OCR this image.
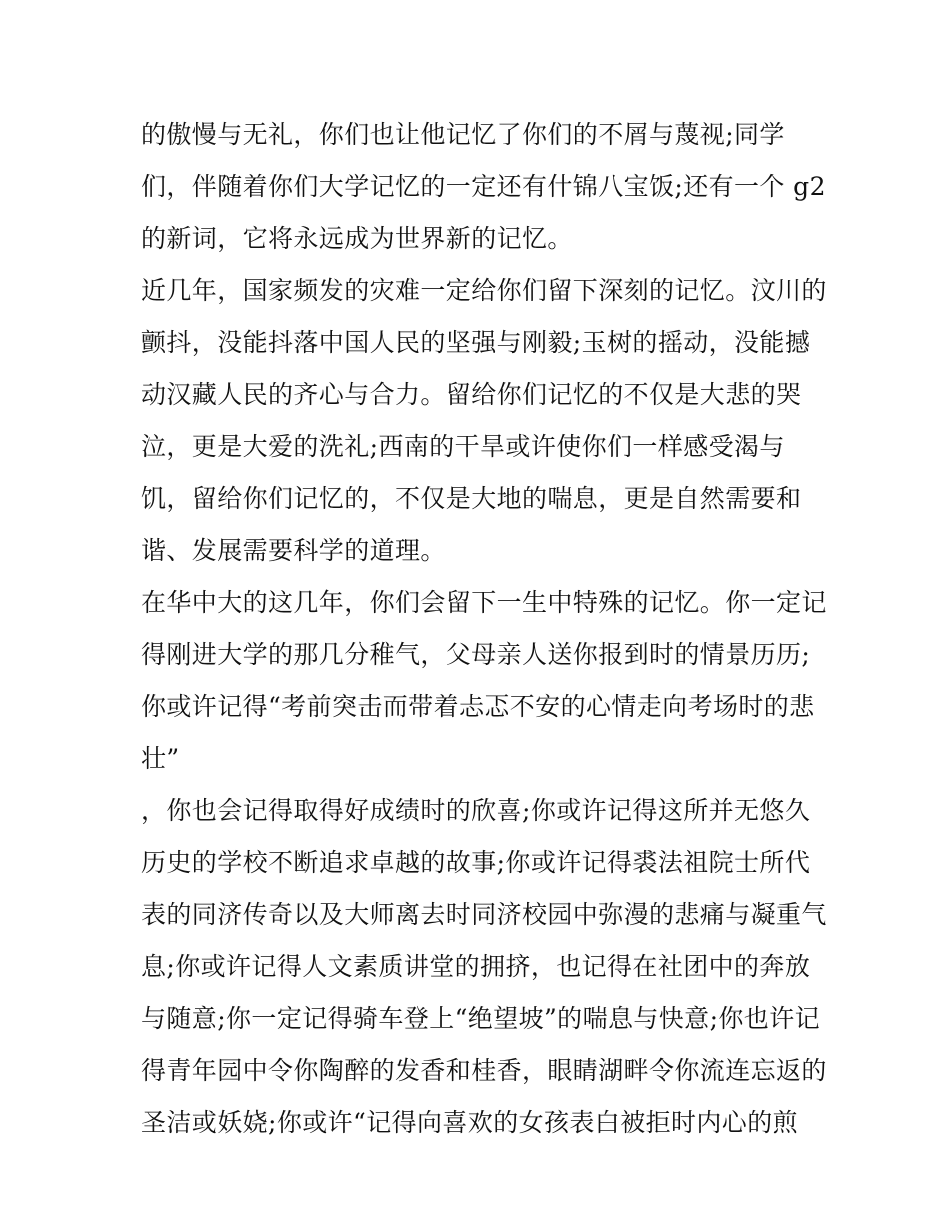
的傲慢与无礼，你们也让他记忆了你们的不屑与蔑视;同学
们，伴随着你们大学记忆的一定还有什锦八宝饭;还有一个 g2
的新词，它将永远成为世界新的记忆。
近几年，国家频发的灾难一定给你们留下深刻的记忆。汶川的
颤抖，没能抖落中国人民的坚强与刚毅;玉树的摇动，没能撼
动汉藏人民的齐心与合力。留给你们记忆的不仅是大悲的哭
泣，更是大爱的洗礼;西南的干旱或许使你们一样感受渴与
饥，留给你们记忆的，不仅是大地的喘息，更是自然需要和
谐、发展需要科学的道理。
在华中大的这几年，你们会留下一生中特殊的记忆。你一定记
得刚进大学的那几分稚气，父母亲人送你报到时的情景历历;
你或许记得“考前突击而带着忐忑不安的心情走向考场时的悲
壮”
，你也会记得取得好成绩时的欣喜;你或许记得这所并无悠久
历史的学校不断追求卓越的故事;你或许记得裘法祖院士所代
表的同济传奇以及大师离去时同济校园中弥漫的悲痛与凝重气
息;你或许记得人文素质讲堂的拥挤，也记得在社团中的奔放
与随意;你一定记得骑车登上“绝望坡”的喘息与快意;你也许记
得青年园中令你陶醉的发香和桂香，眼睛湖畔令你流连忘返的
圣洁或妖娆;你或许“记得向喜欢的女孩表白被拒时内心的煎
